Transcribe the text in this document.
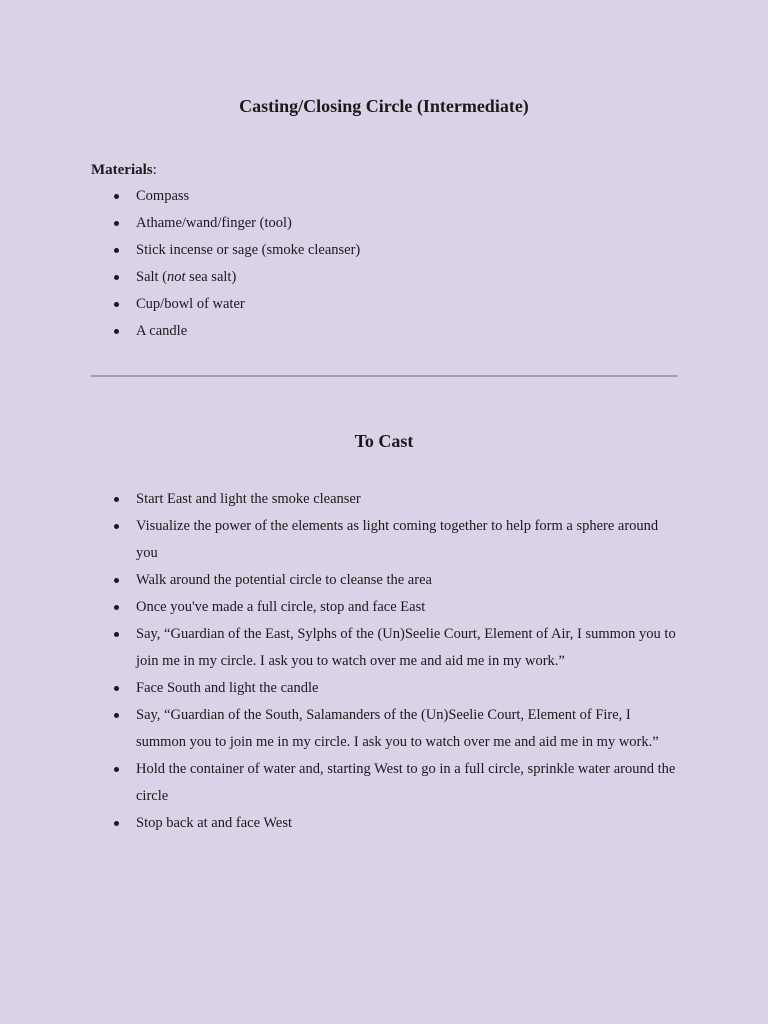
Casting/Closing Circle (Intermediate)
Materials:
Compass
Athame/wand/finger (tool)
Stick incense or sage (smoke cleanser)
Salt (not sea salt)
Cup/bowl of water
A candle
To Cast
Start East and light the smoke cleanser
Visualize the power of the elements as light coming together to help form a sphere around you
Walk around the potential circle to cleanse the area
Once you've made a full circle, stop and face East
Say, “Guardian of the East, Sylphs of the (Un)Seelie Court, Element of Air, I summon you to join me in my circle. I ask you to watch over me and aid me in my work.”
Face South and light the candle
Say, “Guardian of the South, Salamanders of the (Un)Seelie Court, Element of Fire, I summon you to join me in my circle. I ask you to watch over me and aid me in my work.”
Hold the container of water and, starting West to go in a full circle, sprinkle water around the circle
Stop back at and face West
